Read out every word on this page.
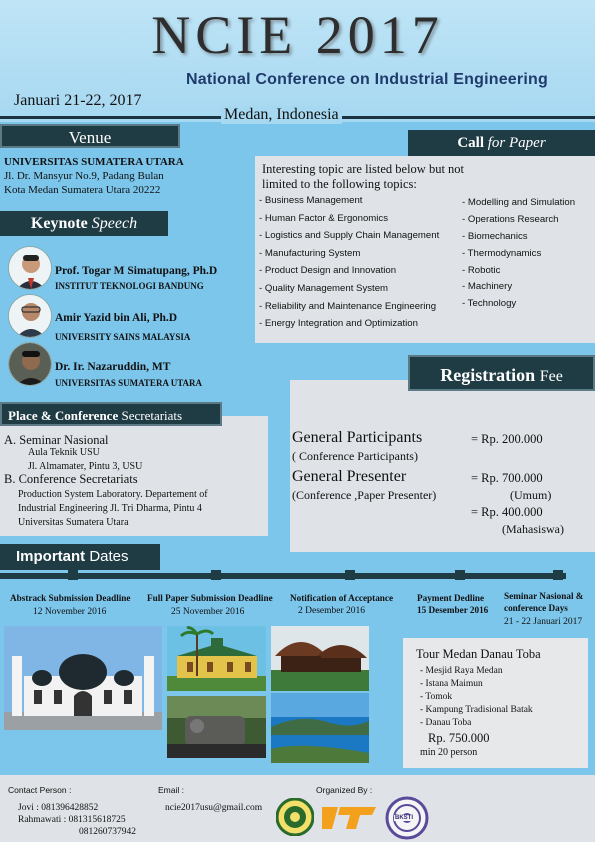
NCIE 2017
National Conference on Industrial Engineering
Januari 21-22, 2017
Medan, Indonesia
Venue
UNIVERSITAS SUMATERA UTARA
Jl. Dr. Mansyur No.9, Padang Bulan
Kota Medan Sumatera Utara 20222
Call for Paper
Interesting topic are listed below but not
limited to the following topics:
- Business Management
- Human Factor & Ergonomics
- Logistics and Supply Chain Management
- Manufacturing System
- Product Design and Innovation
- Quality Management System
- Reliability and Maintenance Engineering
- Energy Integration and Optimization
- Modelling and Simulation
- Operations Research
- Biomechanics
- Thermodynamics
- Robotic
- Machinery
- Technology
Keynote Speech
Prof. Togar M Simatupang, Ph.D
INSTITUT TEKNOLOGI BANDUNG
Amir Yazid bin Ali, Ph.D
UNIVERSITY SAINS MALAYSIA
Dr. Ir. Nazaruddin, MT
UNIVERSITAS SUMATERA UTARA	Registration Fee
General Participants
( Conference Participants)
= Rp. 200.000
General Presenter
(Conference ,Paper Presenter)
= Rp. 700.000
(Umum)
= Rp. 400.000
(Mahasiswa)
Place & Conference Secretariats
A. Seminar Nasional
Aula Teknik USU
Jl. Almamater, Pintu 3, USU
B. Conference Secretariats
Production System Laboratory. Departement of
Industrial Engineering Jl. Tri Dharma, Pintu 4
Universitas Sumatera Utara
Important Dates
Abstrack Submission Deadline
12 November 2016
Full Paper Submission Deadline
25 November 2016
Notification of Acceptance
2 Desember 2016
Payment Dedline
15 Desember 2016
Seminar Nasional &
conference Days
21 - 22 Januari 2017
Tour Medan Danau Toba
- Mesjid Raya Medan
- Istana Maimun
- Tomok
- Kampung Tradisional Batak
- Danau Toba
Rp. 750.000
min 20 person
Contact Person :
Jovi : 081396428852
Rahmawati : 081315618725
081260737942
Email :
ncie2017usu@gmail.com
Organized By :
BKSTI
